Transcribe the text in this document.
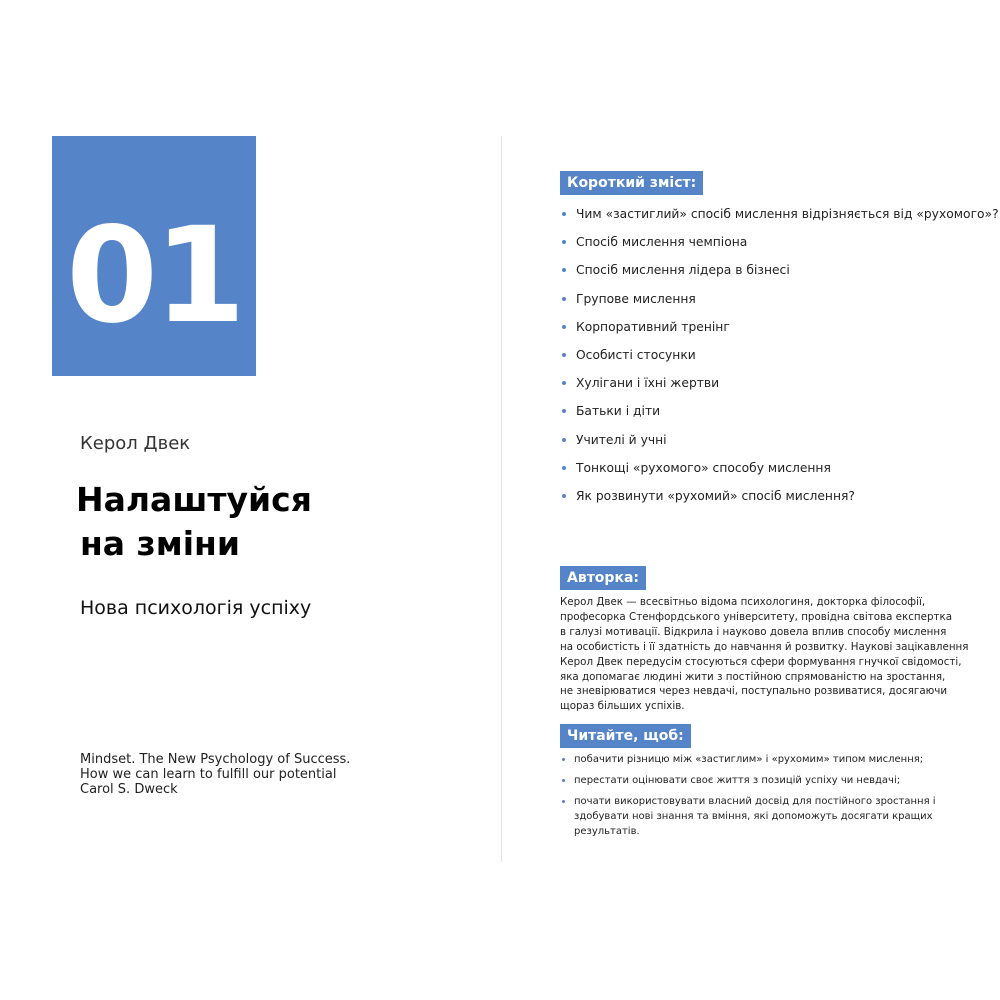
01
Керол Двек
Налаштуйся
на зміни
Нова психологія успіху
Mindset. The New Psychology of Success.
How we can learn to fulfill our potential
Carol S. Dweck
Короткий зміст:
Чим «застиглий» спосіб мислення відрізняється від «рухомого»?
Спосіб мислення чемпіона
Спосіб мислення лідера в бізнесі
Групове мислення
Корпоративний тренінг
Особисті стосунки
Хулігани і їхні жертви
Батьки і діти
Учителі й учні
Тонкощі «рухомого» способу мислення
Як розвинути «рухомий» спосіб мислення?
Авторка:

Керол Двек — всесвітньо відома психологиня, докторка філософії,
професорка Стенфордського університету, провідна світова експертка
в галузі мотивації. Відкрила і науково довела вплив способу мислення
на особистість і її здатність до навчання й розвитку. Наукові зацікавлення
Керол Двек передусім стосуються сфери формування гнучкої свідомості,
яка допомагає людині жити з постійною спрямованістю на зростання,
не зневірюватися через невдачі, поступально розвиватися, досягаючи
щораз більших успіхів.

Читайте, щоб:
побачити різницю між «застиглим» і «рухомим» типом мислення;
перестати оцінювати своє життя з позицій успіху чи невдачі;
почати використовувати власний досвід для постійного зростання і здобувати нові знання та вміння, які допоможуть досягати кращих результатів.
